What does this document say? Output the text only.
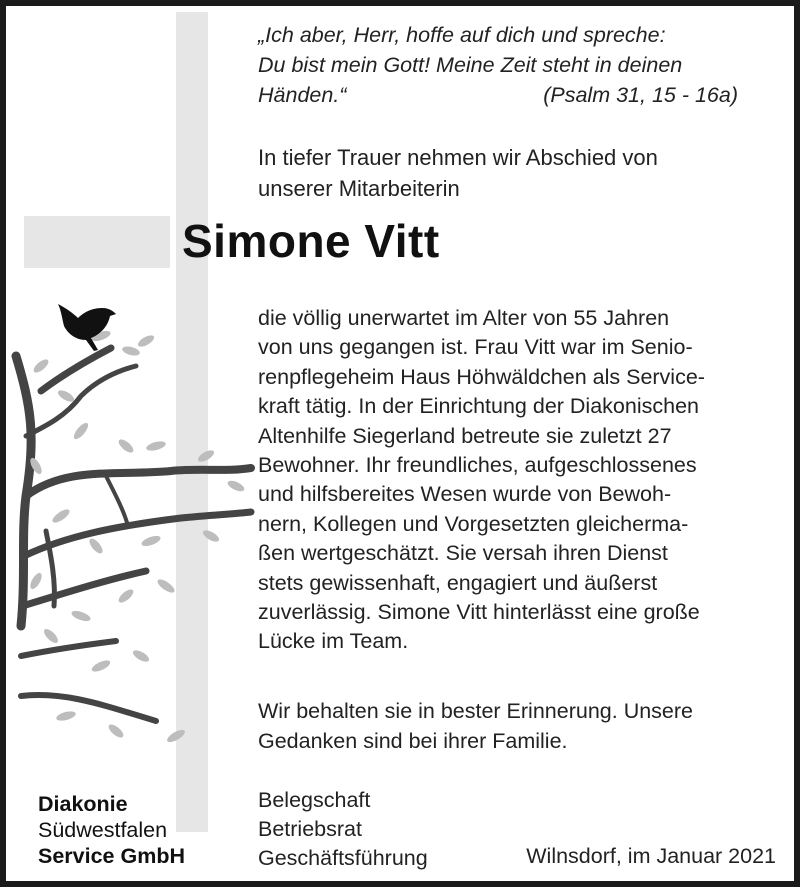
„Ich aber, Herr, hoffe auf dich und spreche:
Du bist mein Gott! Meine Zeit steht in deinen
Händen.“	(Psalm 31, 15 - 16a)
In tiefer Trauer nehmen wir Abschied von
unserer Mitarbeiterin
Simone Vitt
die völlig unerwartet im Alter von 55 Jahren
von uns gegangen ist. Frau Vitt war im Senio-
renpflegeheim Haus Höhwäldchen als Service-
kraft tätig. In der Einrichtung der Diakonischen
Altenhilfe Siegerland betreute sie zuletzt 27
Bewohner. Ihr freundliches, aufgeschlossenes
und hilfsbereites Wesen wurde von Bewoh-
nern, Kollegen und Vorgesetzten gleicherma-
ßen wertgeschätzt. Sie versah ihren Dienst
stets gewissenhaft, engagiert und äußerst
zuverlässig. Simone Vitt hinterlässt eine große
Lücke im Team.
Wir behalten sie in bester Erinnerung. Unsere
Gedanken sind bei ihrer Familie.
Belegschaft
Betriebsrat
Geschäftsführung	Wilnsdorf, im Januar 2021
Diakonie
Südwestfalen
Service GmbH
